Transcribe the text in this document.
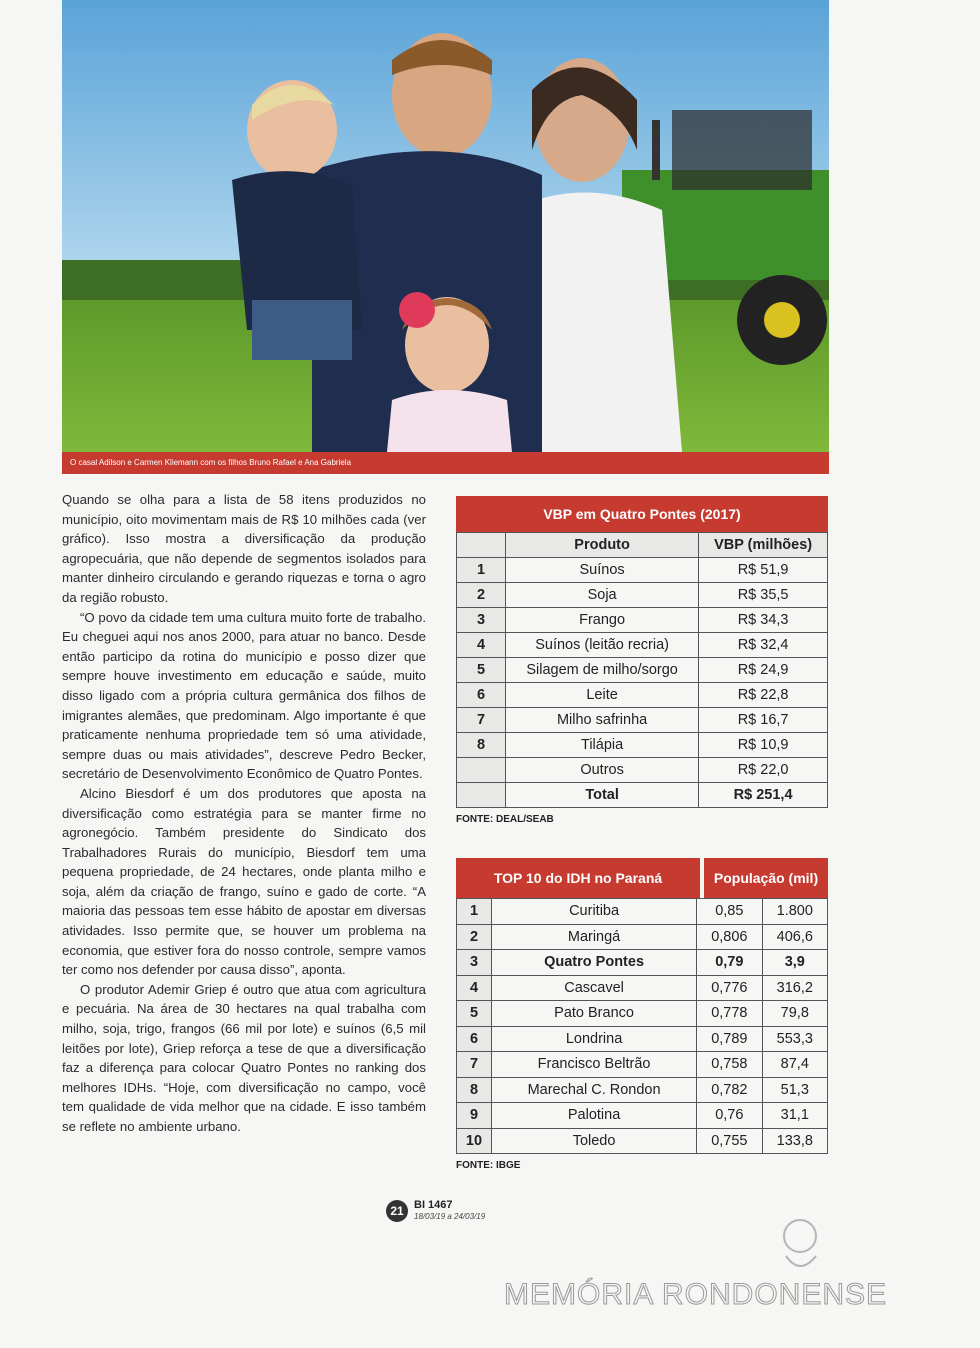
O casal Adilson e Carmen Kliemann com os filhos Bruno Rafael e Ana Gabriela

Quando se olha para a lista de 58 itens produzidos no município, oito movimentam mais de R$ 10 milhões cada (ver gráfico). Isso mostra a diversificação da produção agropecuária, que não depende de segmentos isolados para manter dinheiro circulando e gerando riquezas e torna o agro da região robusto.

“O povo da cidade tem uma cultura muito forte de trabalho. Eu cheguei aqui nos anos 2000, para atuar no banco. Desde então participo da rotina do município e posso dizer que sempre houve investimento em educação e saúde, muito disso ligado com a própria cultura germânica dos filhos de imigrantes alemães, que predominam. Algo importante é que praticamente nenhuma propriedade tem só uma atividade, sempre duas ou mais atividades”, descreve Pedro Becker, secretário de Desenvolvimento Econômico de Quatro Pontes.

Alcino Biesdorf é um dos produtores que aposta na diversificação como estratégia para se manter firme no agronegócio. Também presidente do Sindicato dos Trabalhadores Rurais do município, Biesdorf tem uma pequena propriedade, de 24 hectares, onde planta milho e soja, além da criação de frango, suíno e gado de corte. “A maioria das pessoas tem esse hábito de apostar em diversas atividades. Isso permite que, se houver um problema na economia, que estiver fora do nosso controle, sempre vamos ter como nos defender por causa disso”, aponta.

O produtor Ademir Griep é outro que atua com agricultura e pecuária. Na área de 30 hectares na qual trabalha com milho, soja, trigo, frangos (66 mil por lote) e suínos (6,5 mil leitões por lote), Griep reforça a tese de que a diversificação faz a diferença para colocar Quatro Pontes no ranking dos melhores IDHs. “Hoje, com diversificação no campo, você tem qualidade de vida melhor que na cidade. E isso também se reflete no ambiente urbano.

VBP em Quatro Pontes (2017)
	Produto	VBP (milhões)
1	Suínos	R$ 51,9
2	Soja	R$ 35,5
3	Frango	R$ 34,3
4	Suínos (leitão recria)	R$ 32,4
5	Silagem de milho/sorgo	R$ 24,9
6	Leite	R$ 22,8
7	Milho safrinha	R$ 16,7
8	Tilápia	R$ 10,9
	Outros	R$ 22,0
	Total	R$ 251,4
FONTE: DEAL/SEAB
TOP 10 do IDH no Paraná	População (mil)
1	Curitiba	0,85	1.800
2	Maringá	0,806	406,6
3	Quatro Pontes	0,79	3,9
4	Cascavel	0,776	316,2
5	Pato Branco	0,778	79,8
6	Londrina	0,789	553,3
7	Francisco Beltrão	0,758	87,4
8	Marechal C. Rondon	0,782	51,3
9	Palotina	0,76	31,1
10	Toledo	0,755	133,8
FONTE: IBGE
21 BI 1467
18/03/19 a 24/03/19
MEMÓRIA RONDONENSE
